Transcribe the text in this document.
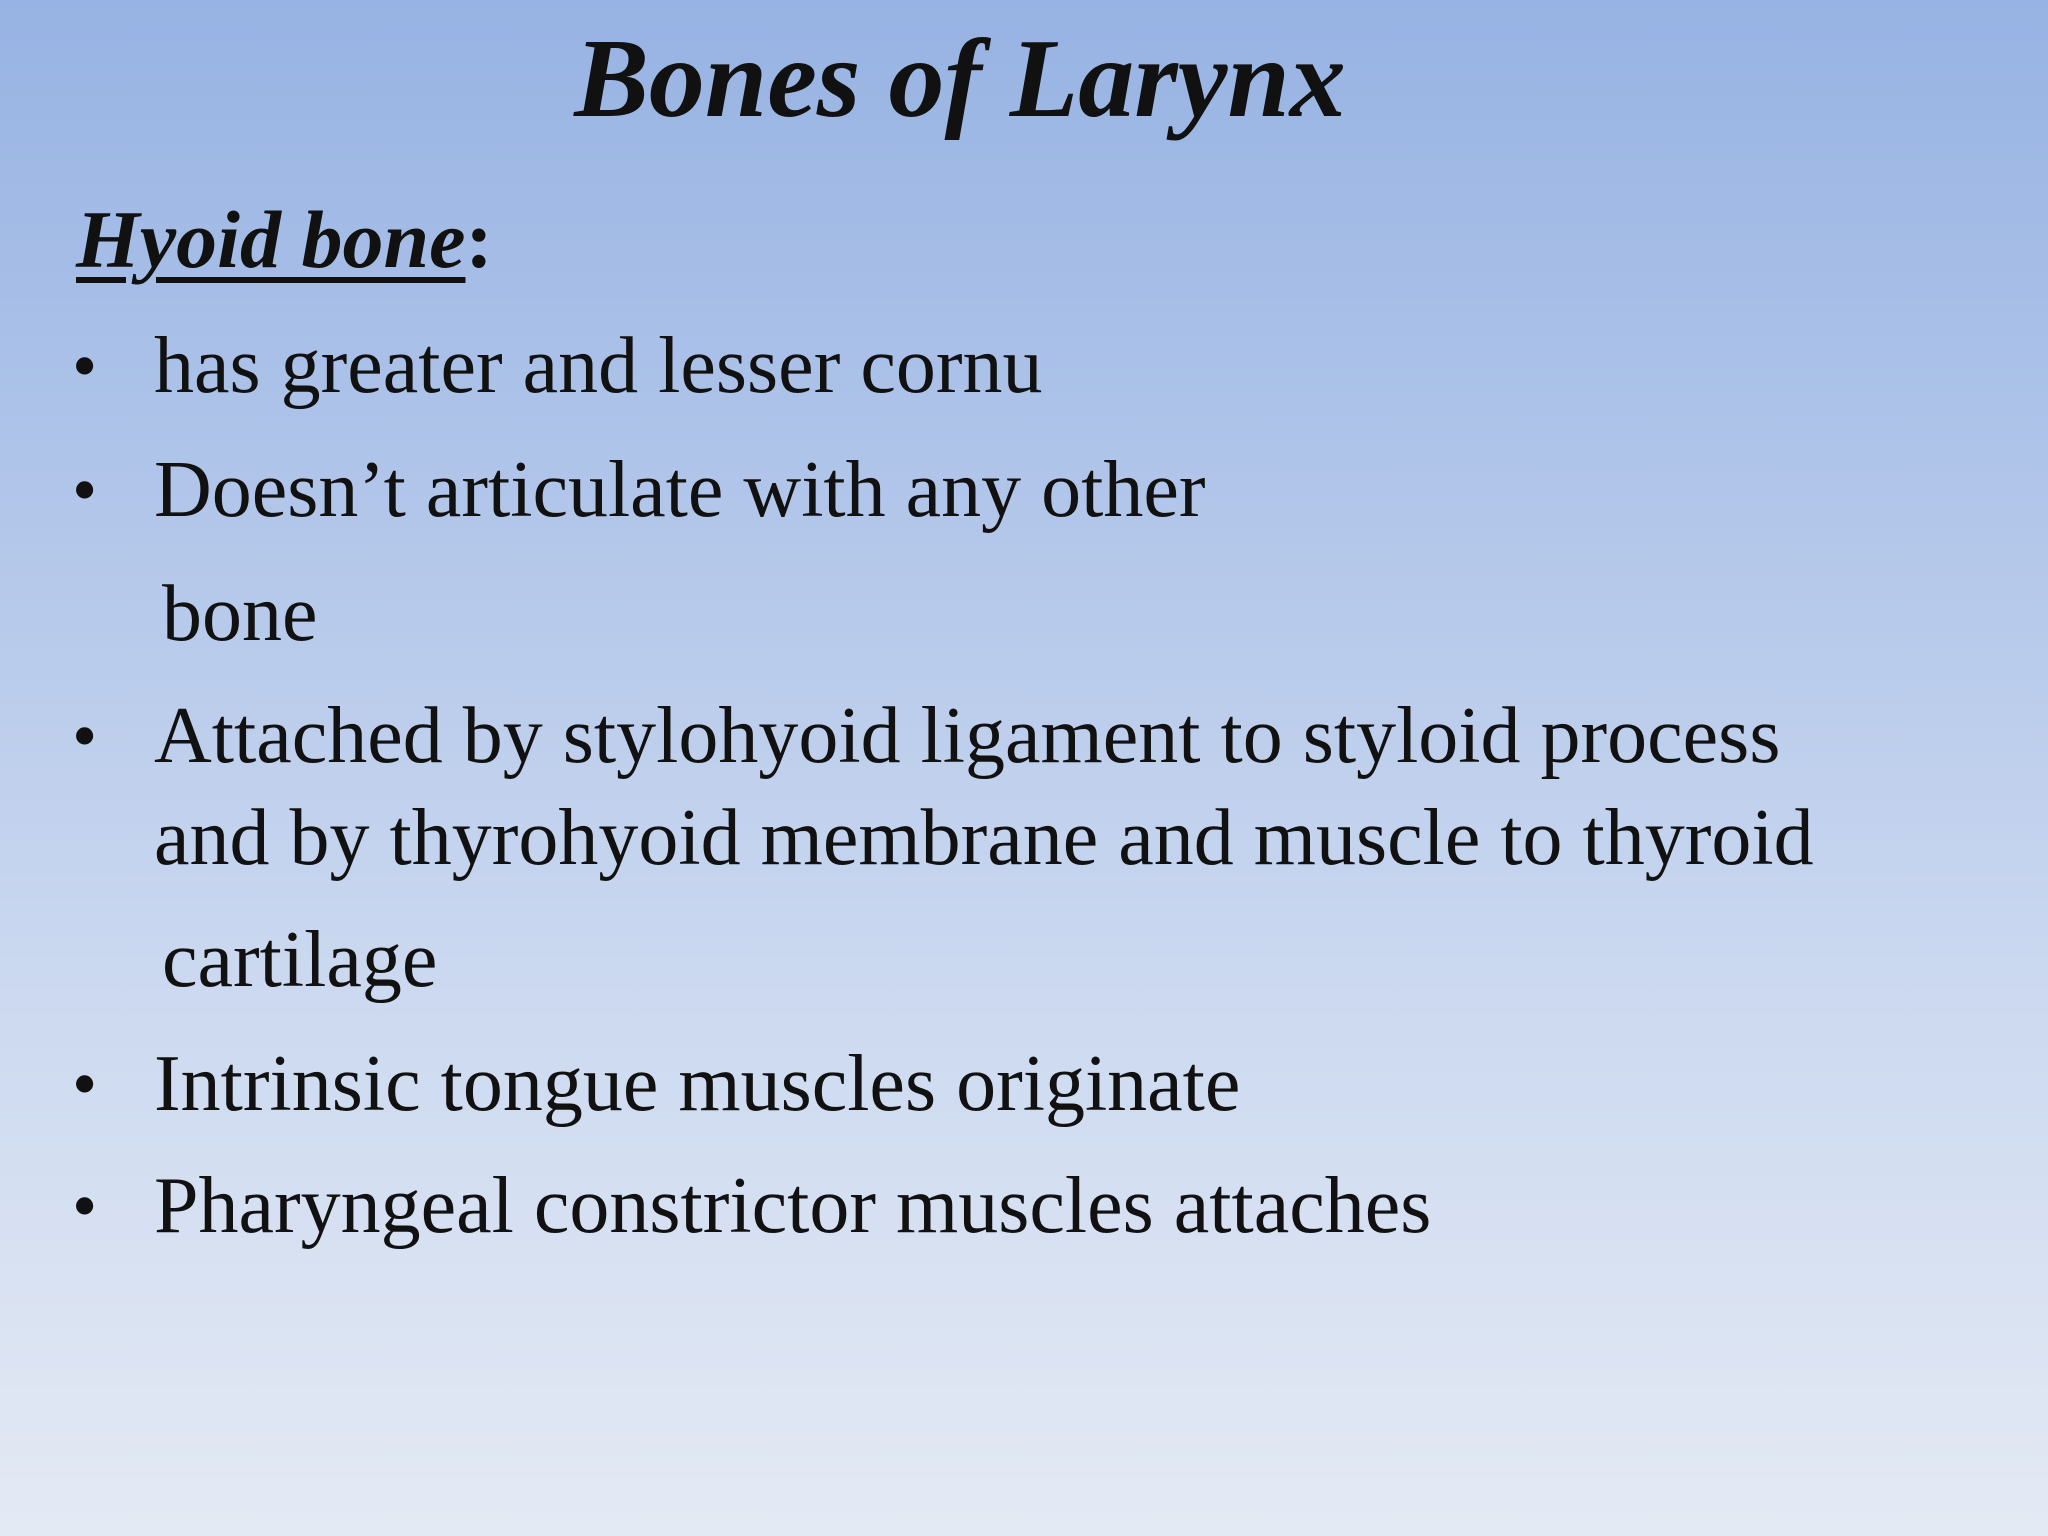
Bones of Larynx
Hyoid bone:
• has greater and lesser cornu

• Doesn’t articulate with any other

bone

• Attached by stylohyoid ligament to styloid process

and by thyrohyoid membrane and muscle to thyroid

cartilage

• Intrinsic tongue muscles originate

• Pharyngeal constrictor muscles attaches
